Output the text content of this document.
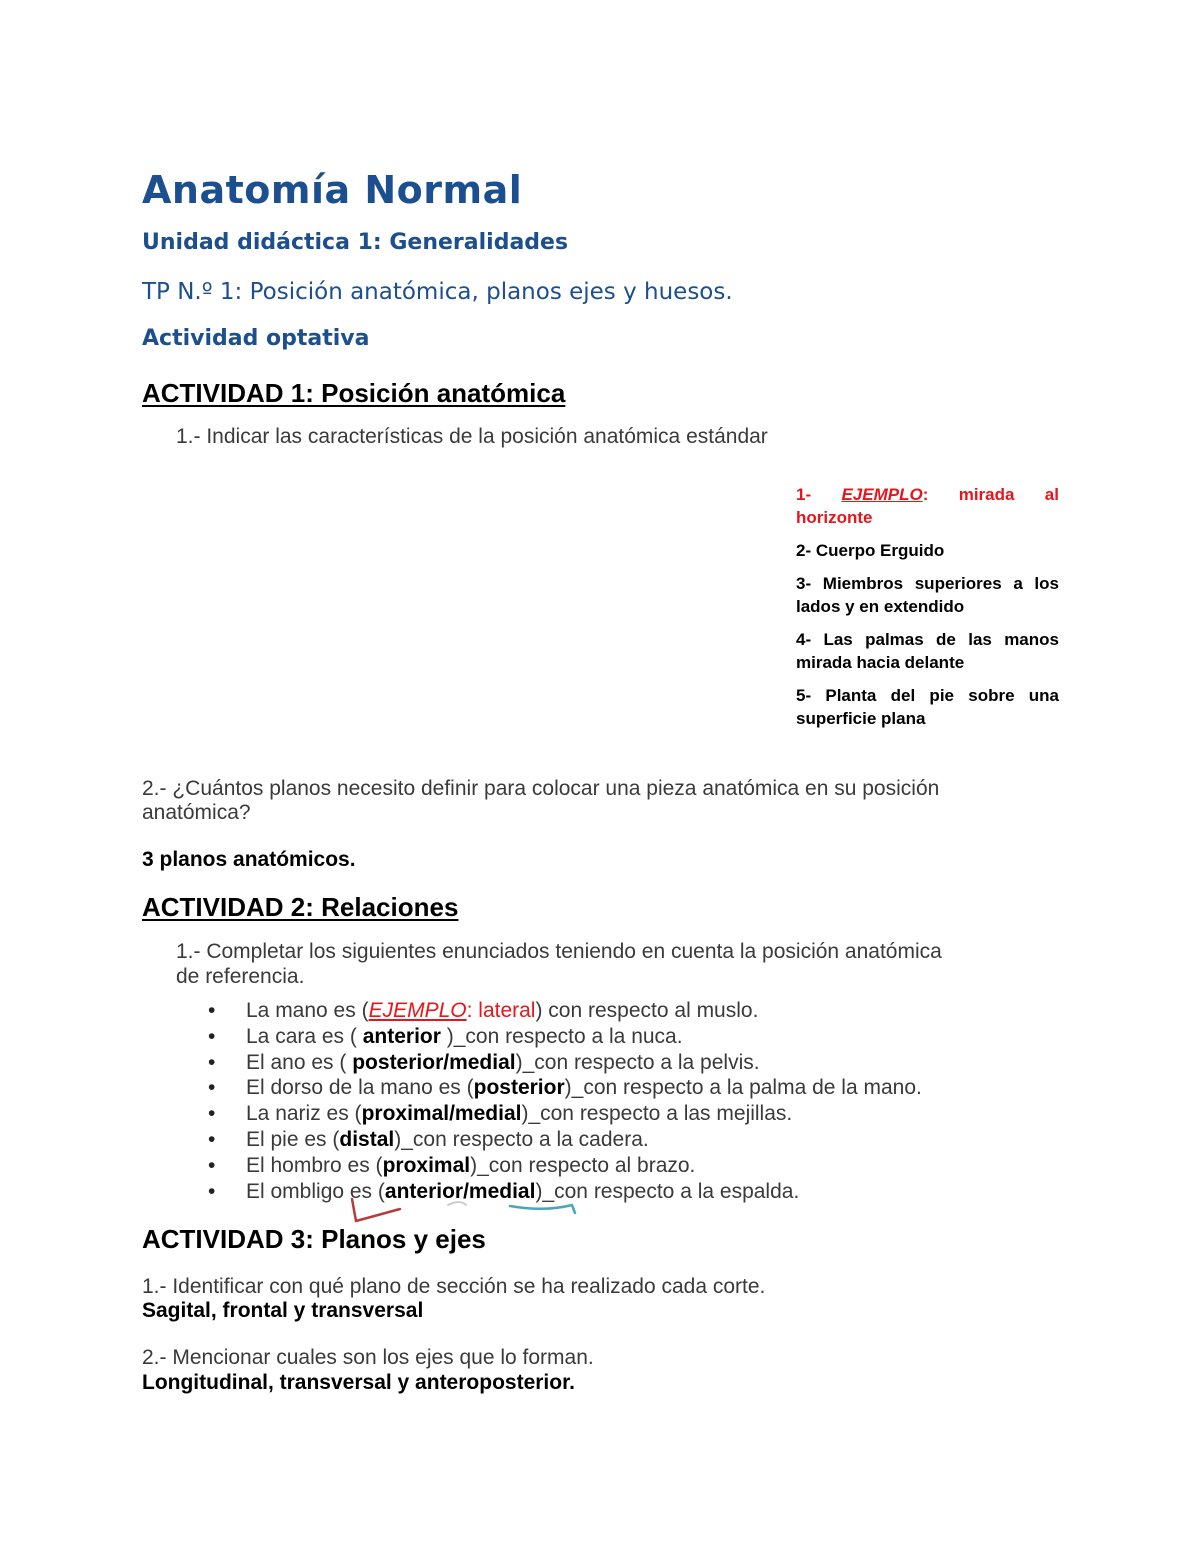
Anatomía Normal
Unidad didáctica 1: Generalidades
TP N.º 1: Posición anatómica, planos ejes y huesos.
Actividad optativa
ACTIVIDAD 1: Posición anatómica
1.- Indicar las características de la posición anatómica estándar

1- EJEMPLO: mirada al horizonte

2- Cuerpo Erguido

3- Miembros superiores a los lados y en extendido

4- Las palmas de las manos mirada hacia delante

5- Planta del pie sobre una superficie plana

2.- ¿Cuántos planos necesito definir para colocar una pieza anatómica en su posición
anatómica?
3 planos anatómicos.
ACTIVIDAD 2: Relaciones
1.- Completar los siguientes enunciados teniendo en cuenta la posición anatómica
de referencia.
• La mano es (EJEMPLO: lateral) con respecto al muslo.
• La cara es ( anterior )_con respecto a la nuca.
• El ano es ( posterior/medial)_con respecto a la pelvis.
• El dorso de la mano es (posterior)_con respecto a la palma de la mano.
• La nariz es (proximal/medial)_con respecto a las mejillas.
• El pie es (distal)_con respecto a la cadera.
• El hombro es (proximal)_con respecto al brazo.
• El ombligo es (anterior/medial)_con respecto a la espalda.
ACTIVIDAD 3: Planos y ejes
1.- Identificar con qué plano de sección se ha realizado cada corte.
Sagital, frontal y transversal
2.- Mencionar cuales son los ejes que lo forman.
Longitudinal, transversal y anteroposterior.
